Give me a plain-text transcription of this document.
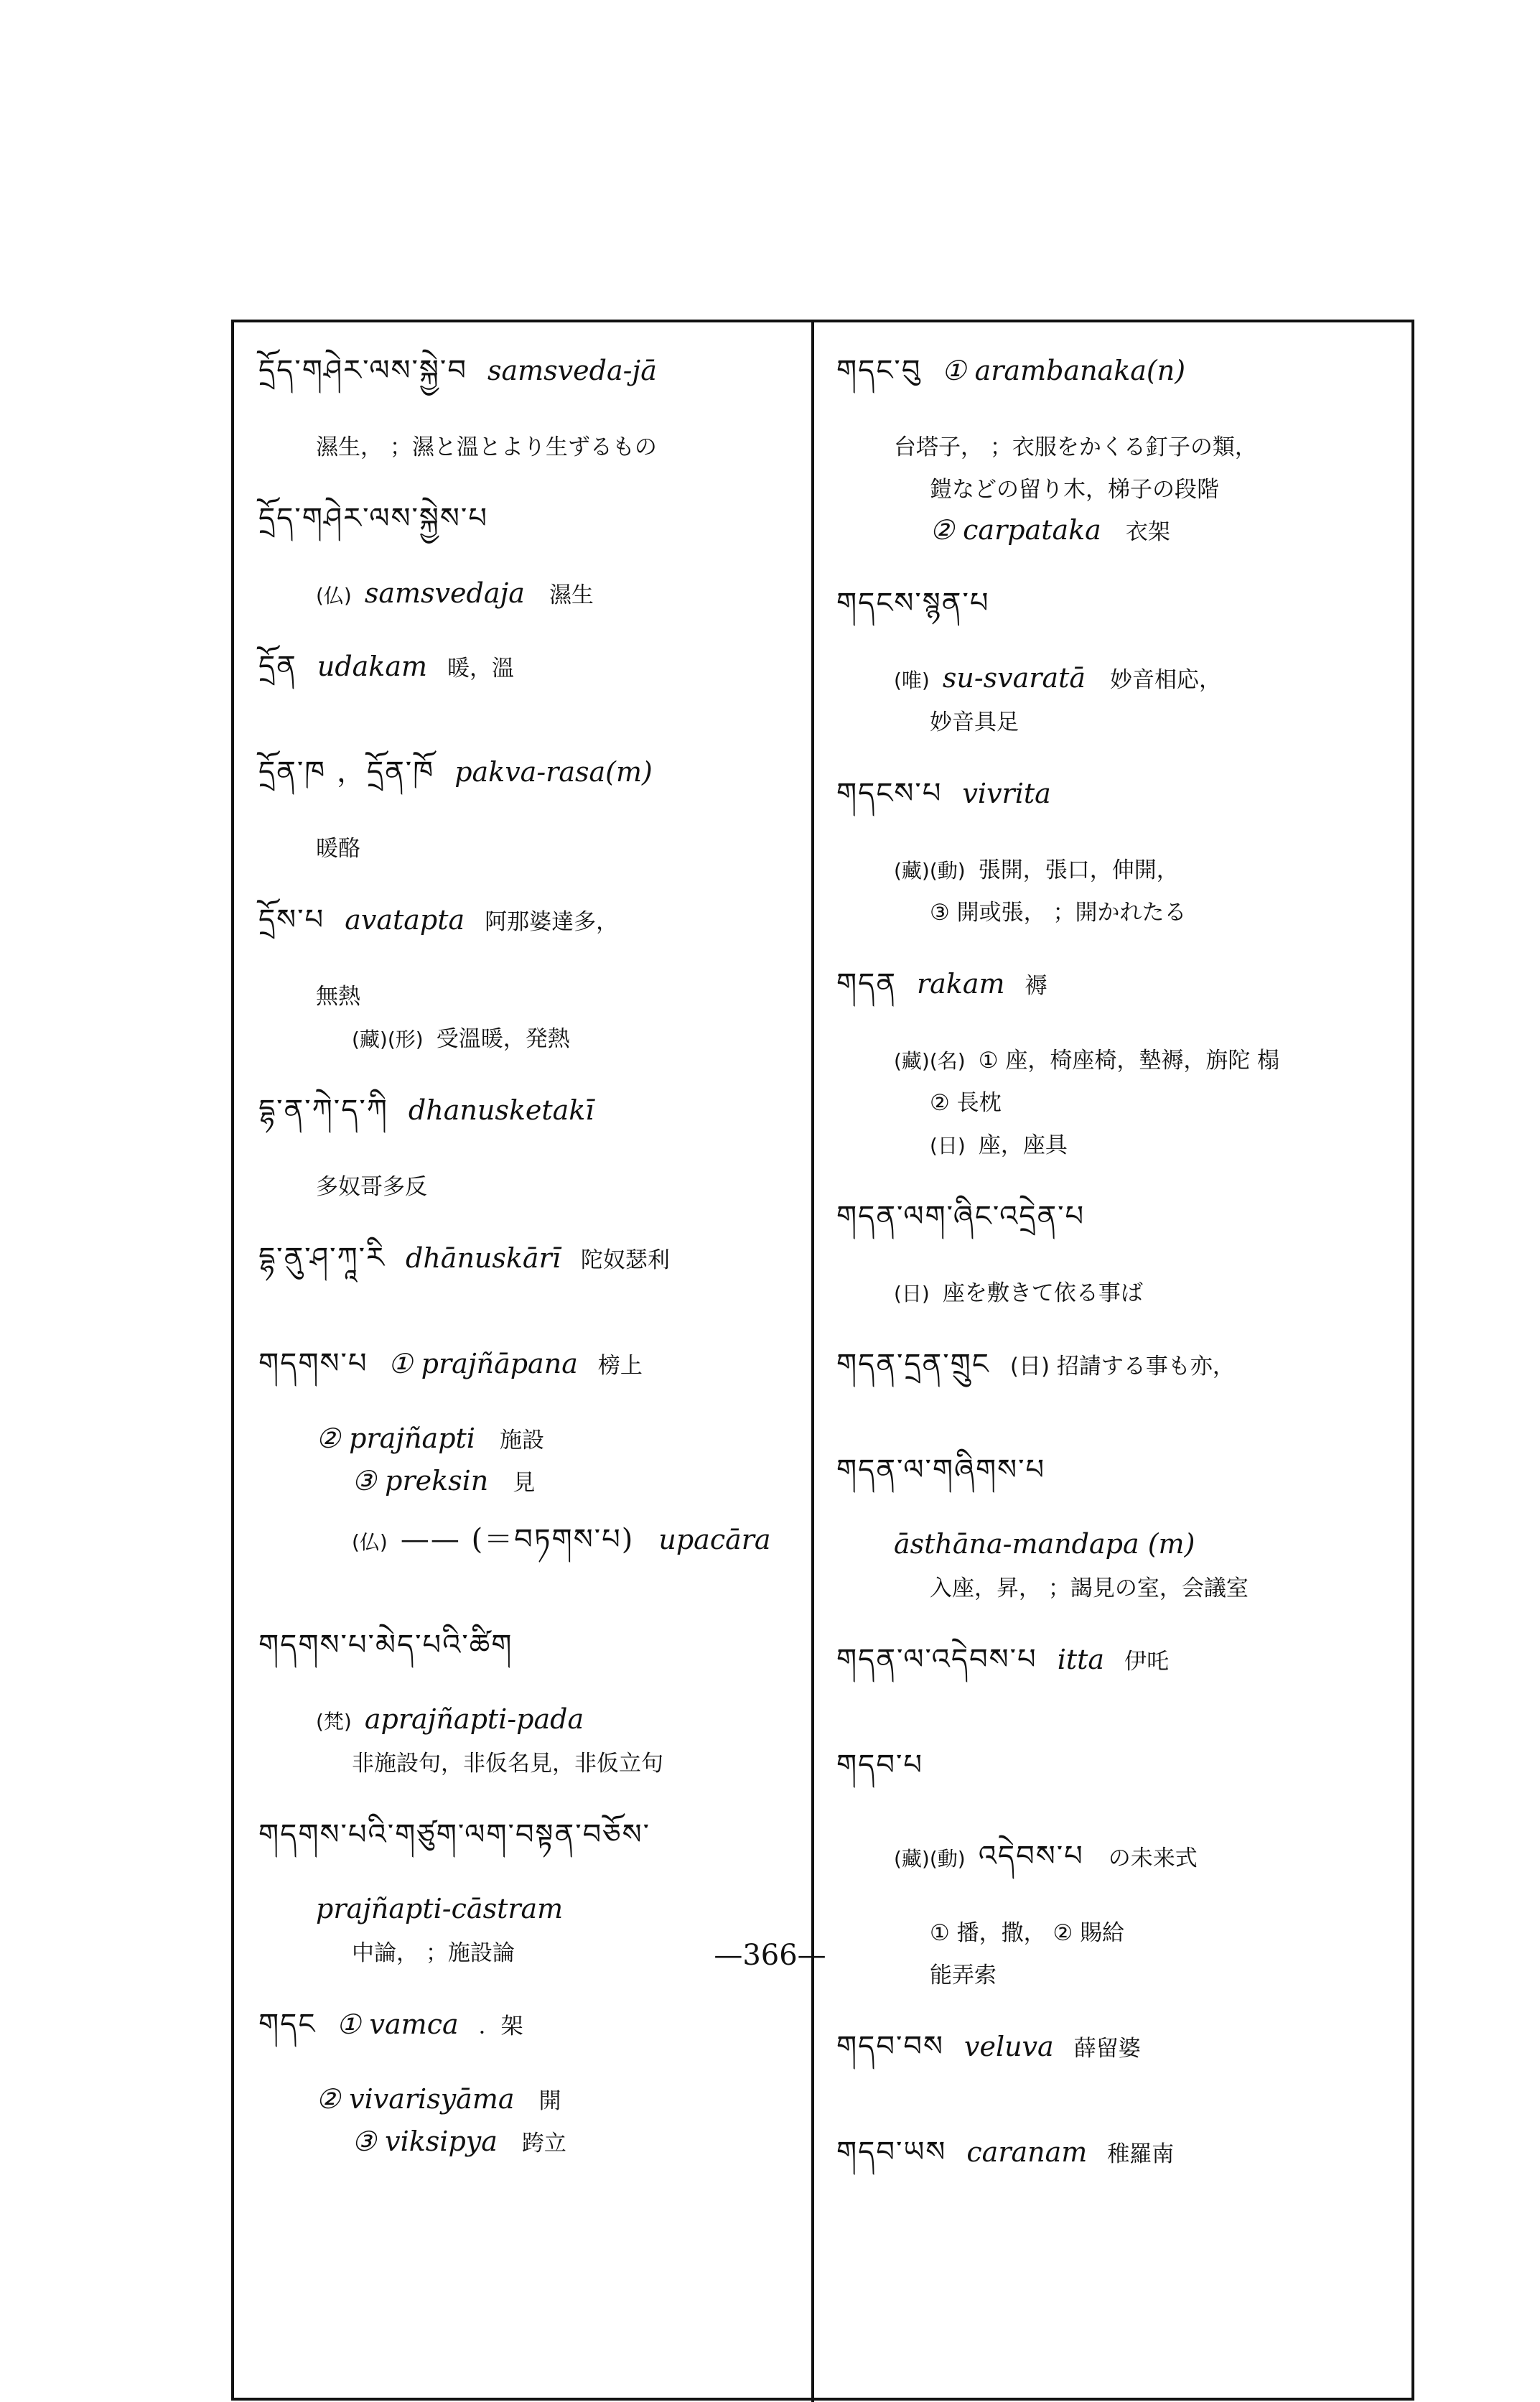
དྲོད་གཤེར་ལས་སྐྱེ་བ samsveda-jā
濕生， ；濕と溫とより生ずるもの
དྲོད་གཤེར་ལས་སྐྱེས་པ
(仏) samsvedaja 濕生
དྲོན udakam 暖，溫
དྲོན་ཁ ，དྲོན་ཁོ pakva-rasa(m)
暖酪
དྲོས་པ avatapta 阿那婆達多，
無熱
(藏)(形) 受溫暖，発熱
དྷ་ན་ཀེ་ད་ཀི dhanusketakī
多奴哥多反
དྷ་ནུ་ཤ་ཀཱ་རི dhānuskārī 陀奴瑟利
གདགས་པ ① prajñāpana 榜上
② prajñapti 施設
③ preksin 見
(仏) —— (＝བཏགས་པ) upacāra
གདགས་པ་མེད་པའི་ཚིག
(梵) aprajñapti-pada
非施設句，非仮名見，非仮立句
གདགས་པའི་གཙུག་ལག་བསྟན་བཅོས་
prajñapti-cāstram
中論， ；施設論
གདང ① vamca ．架
② vivarisyāma 開
③ viksipya 跨立
གདང་བུ ① arambanaka(n)
台塔子， ；衣服をかくる釘子の類，
鎧などの留り木，梯子の段階
② carpataka 衣架
གདངས་སྙན་པ
(唯) su-svaratā 妙音相応，
妙音具足
གདངས་པ vivrita
(藏)(動) 張開，張口，伸開，
③ 開或張， ；開かれたる
གདན rakam 褥
(藏)(名) ① 座，椅座椅，墊褥，旃陀 榻
② 長枕
(日) 座，座具
གདན་ལག་ཞིང་འདྲེན་པ
(日) 座を敷きて依る事ば
གདན་དྲན་གྲུང (日) 招請する事も亦，
གདན་ལ་གཞིགས་པ
āsthāna-mandapa (m)
入座，昇， ；謁見の室，会議室
གདན་ལ་འདེབས་པ itta 伊吒
གདབ་པ
(藏)(動) འདེབས་པ の未来式
① 播，撒， ② 賜給
能弄索
གདབ་བས veluva 薛留婆
གདབ་ཡས caranam 稚羅南
—366—
